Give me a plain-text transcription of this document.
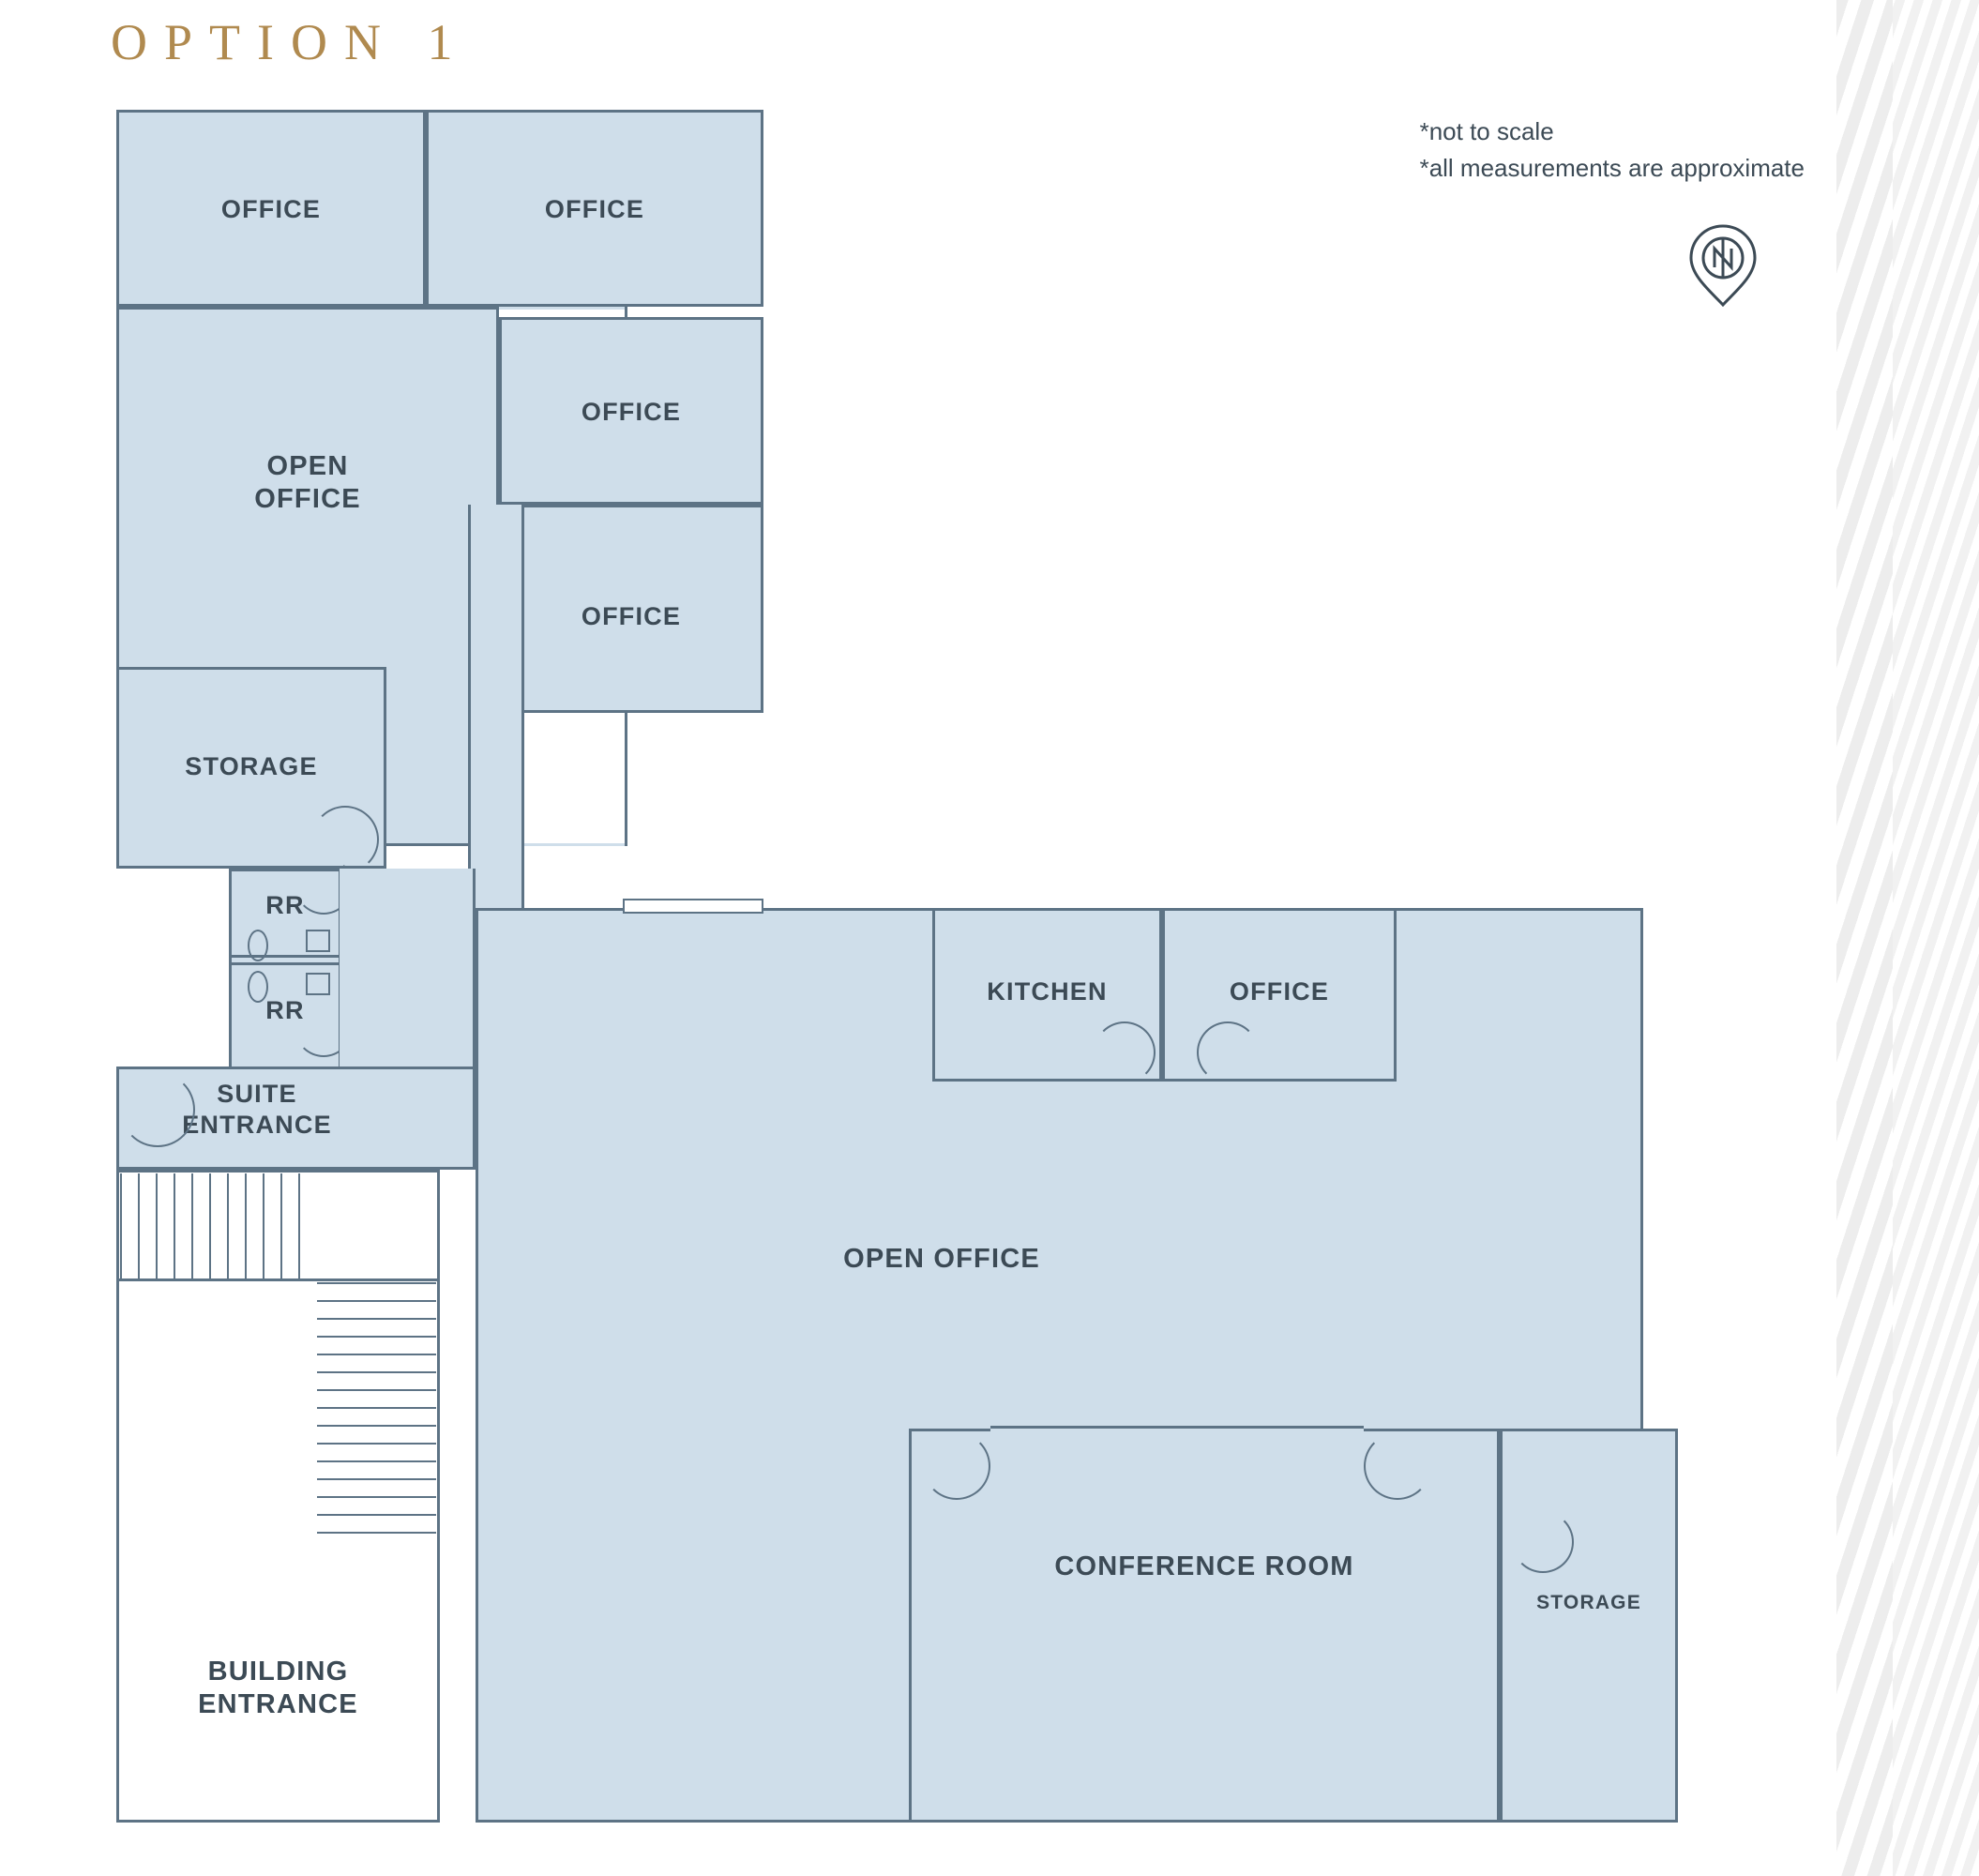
OPTION 1
*not to scale
*all measurements are approximate
OFFICE	OFFICE
OPEN
OFFICE
OFFICE
OFFICE
STORAGE
RR
RR
SUITE
ENTRANCE
OPEN OFFICE
KITCHEN	OFFICE
CONFERENCE ROOM
STORAGE
BUILDING
ENTRANCE
